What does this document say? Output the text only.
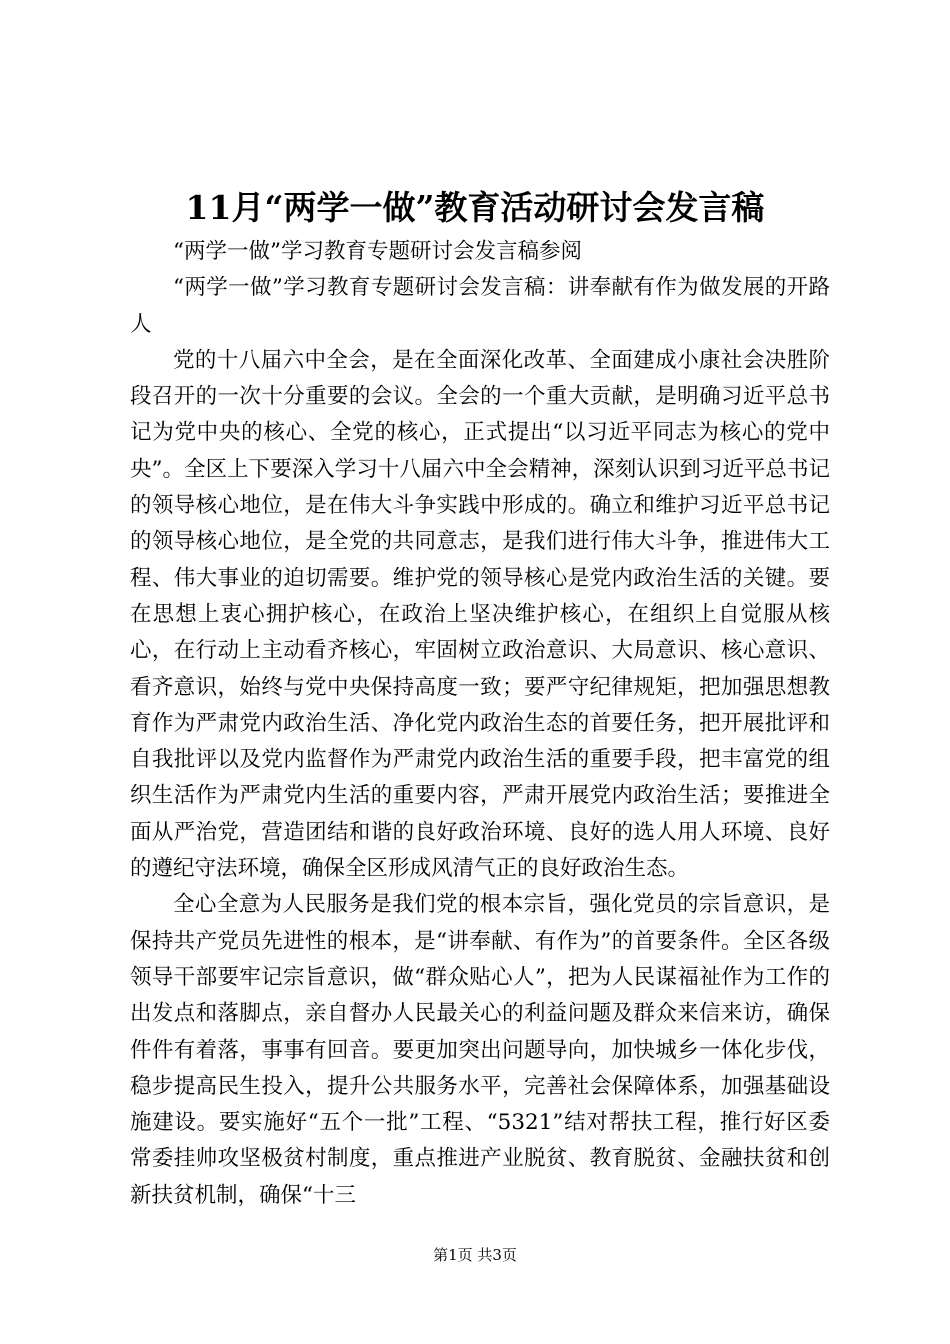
11月“两学一做”教育活动研讨会发言稿

“两学一做”学习教育专题研讨会发言稿参阅

“两学一做”学习教育专题研讨会发言稿：讲奉献有作为做发展的开路人

党的十八届六中全会，是在全面深化改革、全面建成小康社会决胜阶段召开的一次十分重要的会议。全会的一个重大贡献，是明确习近平总书记为党中央的核心、全党的核心，正式提出“以习近平同志为核心的党中央”。全区上下要深入学习十八届六中全会精神，深刻认识到习近平总书记的领导核心地位，是在伟大斗争实践中形成的。确立和维护习近平总书记的领导核心地位，是全党的共同意志，是我们进行伟大斗争，推进伟大工程、伟大事业的迫切需要。维护党的领导核心是党内政治生活的关键。要在思想上衷心拥护核心，在政治上坚决维护核心，在组织上自觉服从核心，在行动上主动看齐核心，牢固树立政治意识、大局意识、核心意识、看齐意识，始终与党中央保持高度一致；要严守纪律规矩，把加强思想教育作为严肃党内政治生活、净化党内政治生态的首要任务，把开展批评和自我批评以及党内监督作为严肃党内政治生活的重要手段，把丰富党的组织生活作为严肃党内生活的重要内容，严肃开展党内政治生活；要推进全面从严治党，营造团结和谐的良好政治环境、良好的选人用人环境、良好的遵纪守法环境，确保全区形成风清气正的良好政治生态。

全心全意为人民服务是我们党的根本宗旨，强化党员的宗旨意识，是保持共产党员先进性的根本，是“讲奉献、有作为”的首要条件。全区各级领导干部要牢记宗旨意识，做“群众贴心人”，把为人民谋福祉作为工作的出发点和落脚点，亲自督办人民最关心的利益问题及群众来信来访，确保件件有着落，事事有回音。要更加突出问题导向，加快城乡一体化步伐，稳步提高民生投入，提升公共服务水平，完善社会保障体系，加强基础设施建设。要实施好“五个一批”工程、“5321”结对帮扶工程，推行好区委常委挂帅攻坚极贫村制度，重点推进产业脱贫、教育脱贫、金融扶贫和创新扶贫机制，确保“十三

第1页 共3页
